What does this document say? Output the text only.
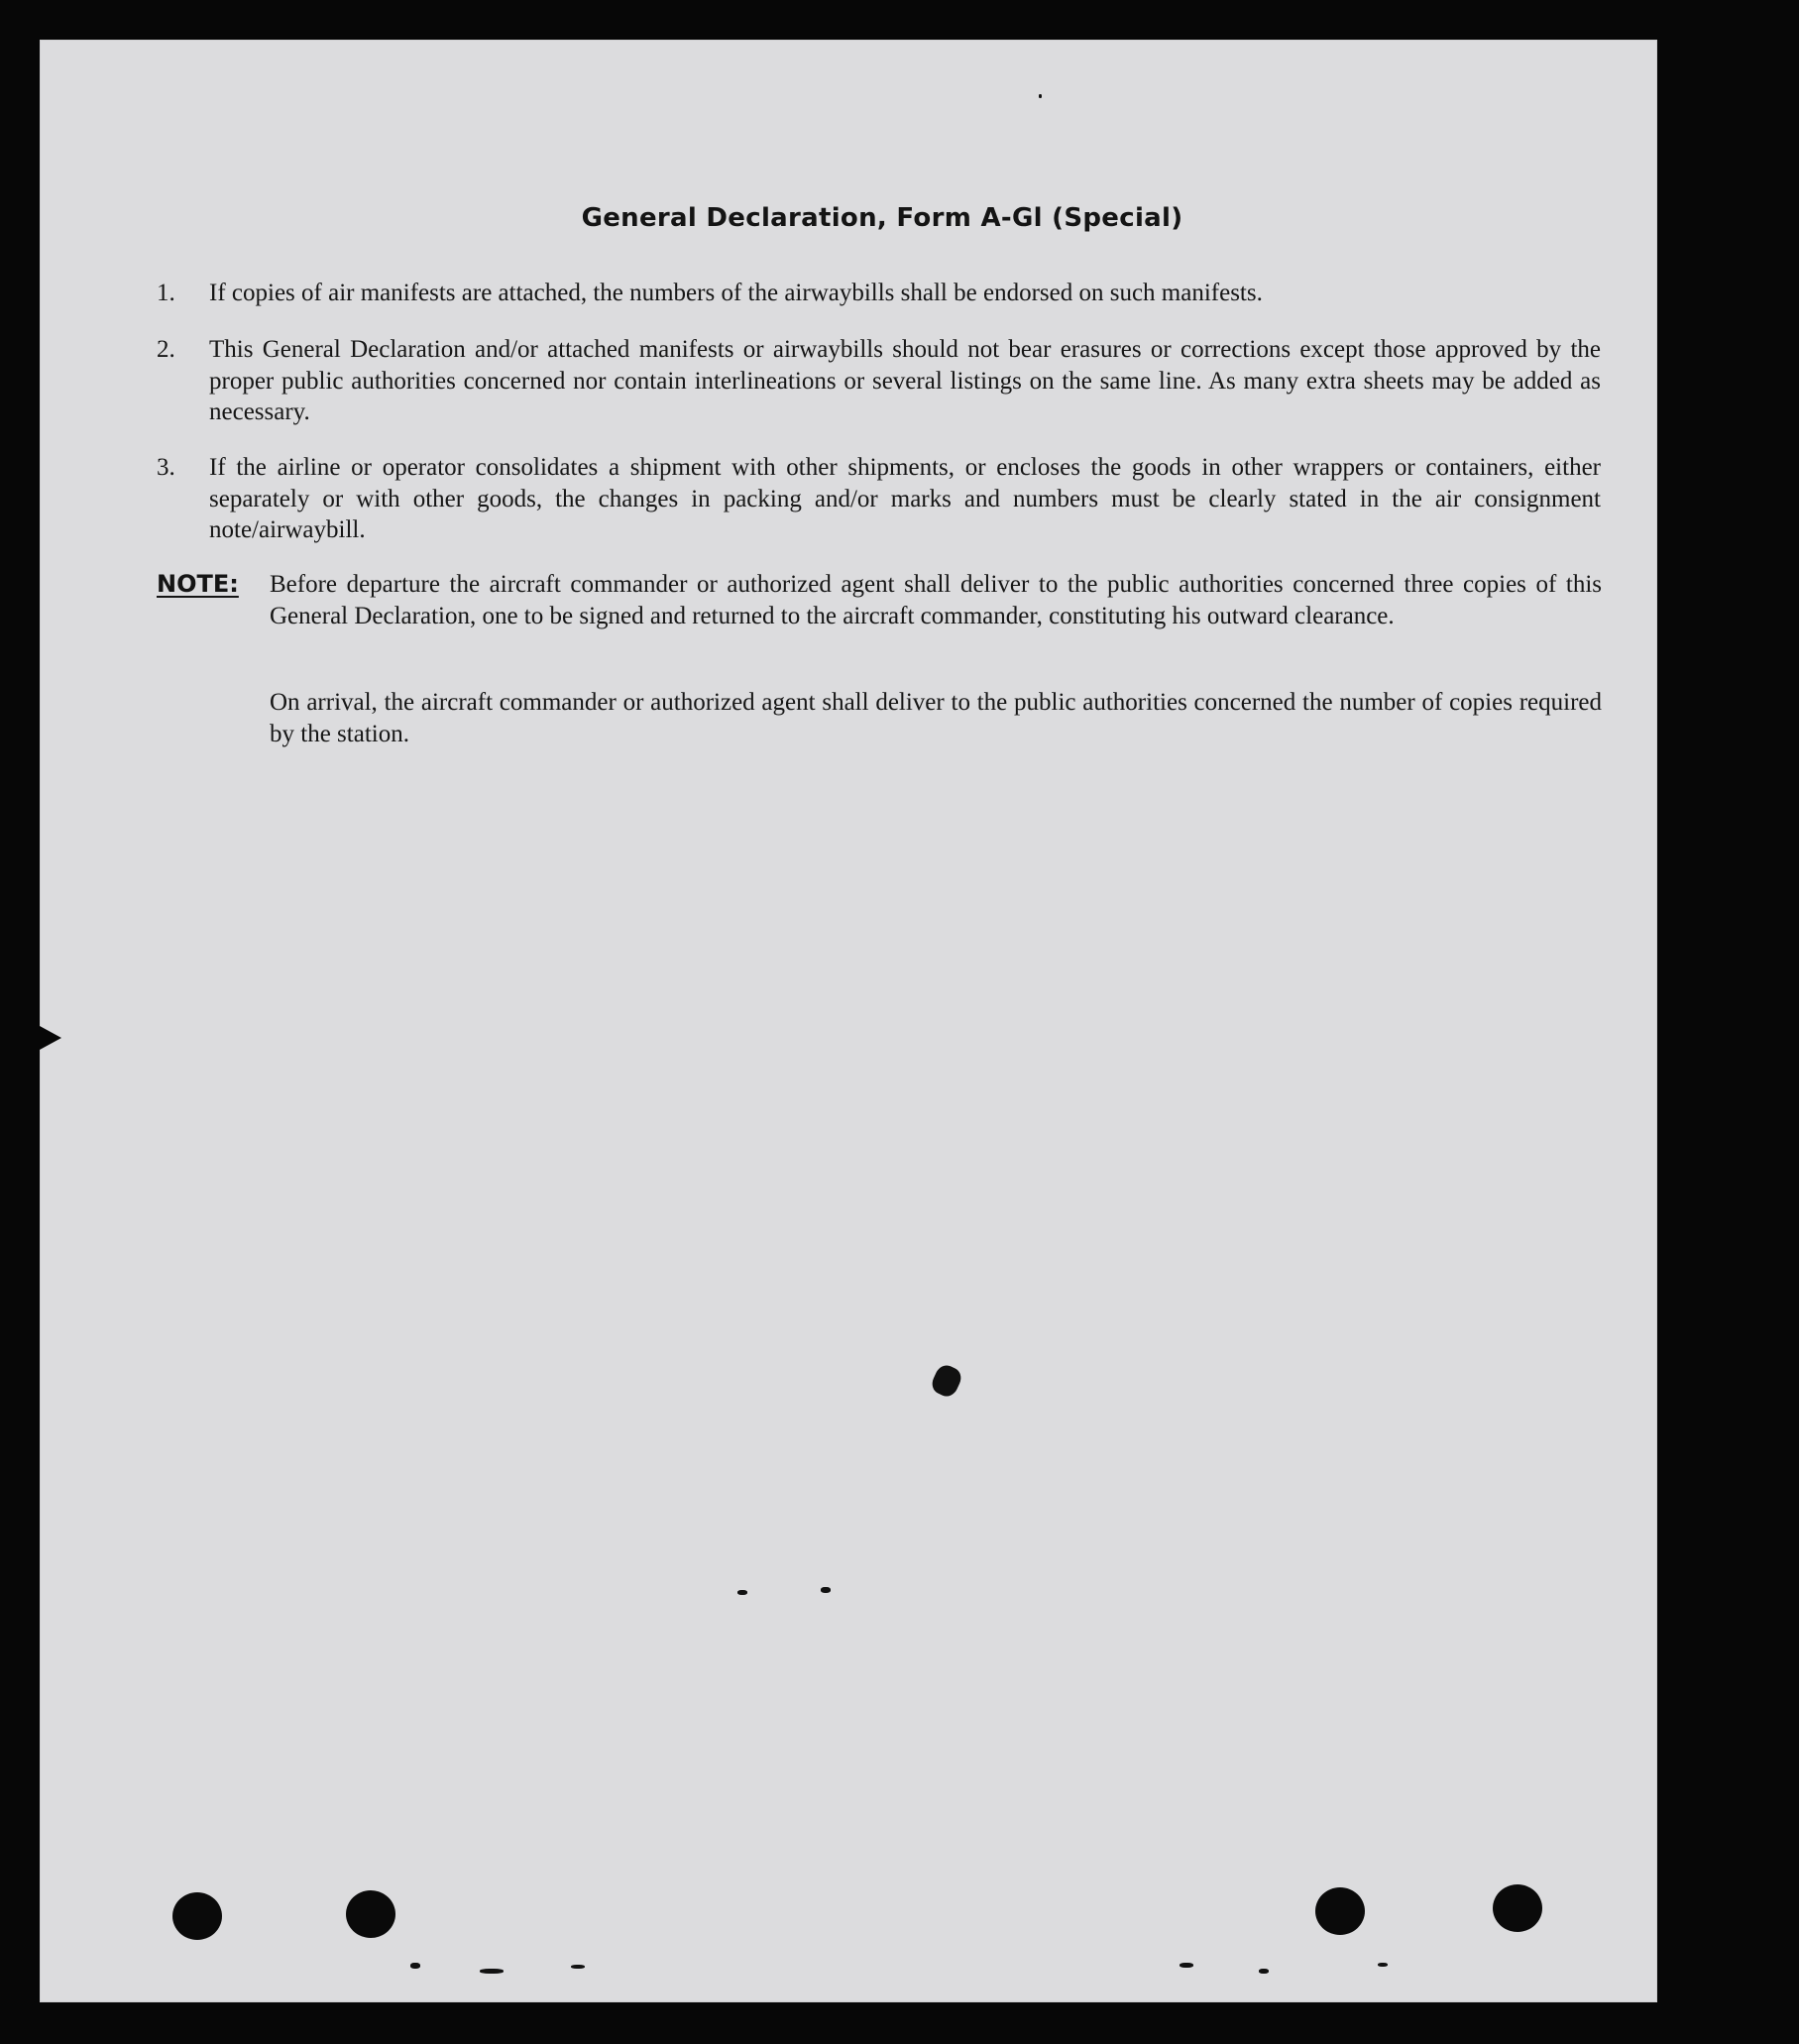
General Declaration, Form A-Gl (Special)
1. If copies of air manifests are attached, the numbers of the airwaybills shall be endorsed on such manifests.
2. This General Declaration and/or attached manifests or airwaybills should not bear erasures or corrections except those approved by the proper public authorities concerned nor contain interlineations or several listings on the same line. As many extra sheets may be added as necessary.
3. If the airline or operator consolidates a shipment with other shipments, or encloses the goods in other wrappers or containers, either separately or with other goods, the changes in packing and/or marks and numbers must be clearly stated in the air consignment note/airwaybill.
NOTE: Before departure the aircraft commander or authorized agent shall deliver to the public authorities concerned three copies of this General Declaration, one to be signed and returned to the aircraft commander, constituting his outward clearance.
On arrival, the aircraft commander or authorized agent shall deliver to the public authorities concerned the number of copies required by the station.
